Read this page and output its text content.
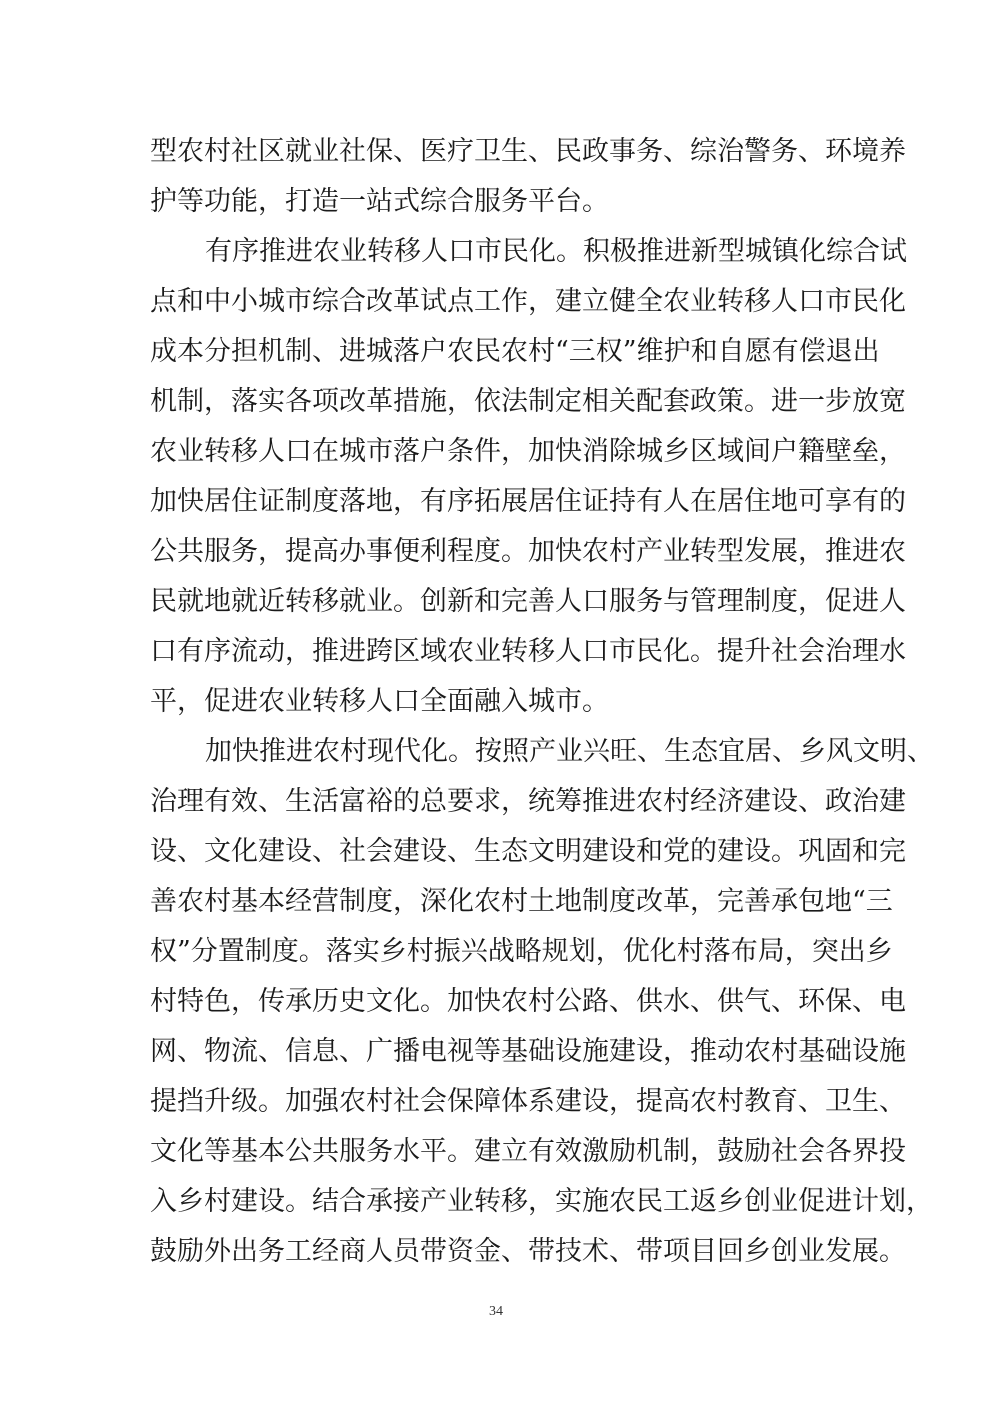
型农村社区就业社保、医疗卫生、民政事务、综治警务、环境养
护等功能，打造一站式综合服务平台。
有序推进农业转移人口市民化。积极推进新型城镇化综合试
点和中小城市综合改革试点工作，建立健全农业转移人口市民化
成本分担机制、进城落户农民农村“三权”维护和自愿有偿退出
机制，落实各项改革措施，依法制定相关配套政策。进一步放宽
农业转移人口在城市落户条件，加快消除城乡区域间户籍壁垒，
加快居住证制度落地，有序拓展居住证持有人在居住地可享有的
公共服务，提高办事便利程度。加快农村产业转型发展，推进农
民就地就近转移就业。创新和完善人口服务与管理制度，促进人
口有序流动，推进跨区域农业转移人口市民化。提升社会治理水
平，促进农业转移人口全面融入城市。
加快推进农村现代化。按照产业兴旺、生态宜居、乡风文明、
治理有效、生活富裕的总要求，统筹推进农村经济建设、政治建
设、文化建设、社会建设、生态文明建设和党的建设。巩固和完
善农村基本经营制度，深化农村土地制度改革，完善承包地“三
权”分置制度。落实乡村振兴战略规划，优化村落布局，突出乡
村特色，传承历史文化。加快农村公路、供水、供气、环保、电
网、物流、信息、广播电视等基础设施建设，推动农村基础设施
提挡升级。加强农村社会保障体系建设，提高农村教育、卫生、
文化等基本公共服务水平。建立有效激励机制，鼓励社会各界投
入乡村建设。结合承接产业转移，实施农民工返乡创业促进计划，
鼓励外出务工经商人员带资金、带技术、带项目回乡创业发展。
34
